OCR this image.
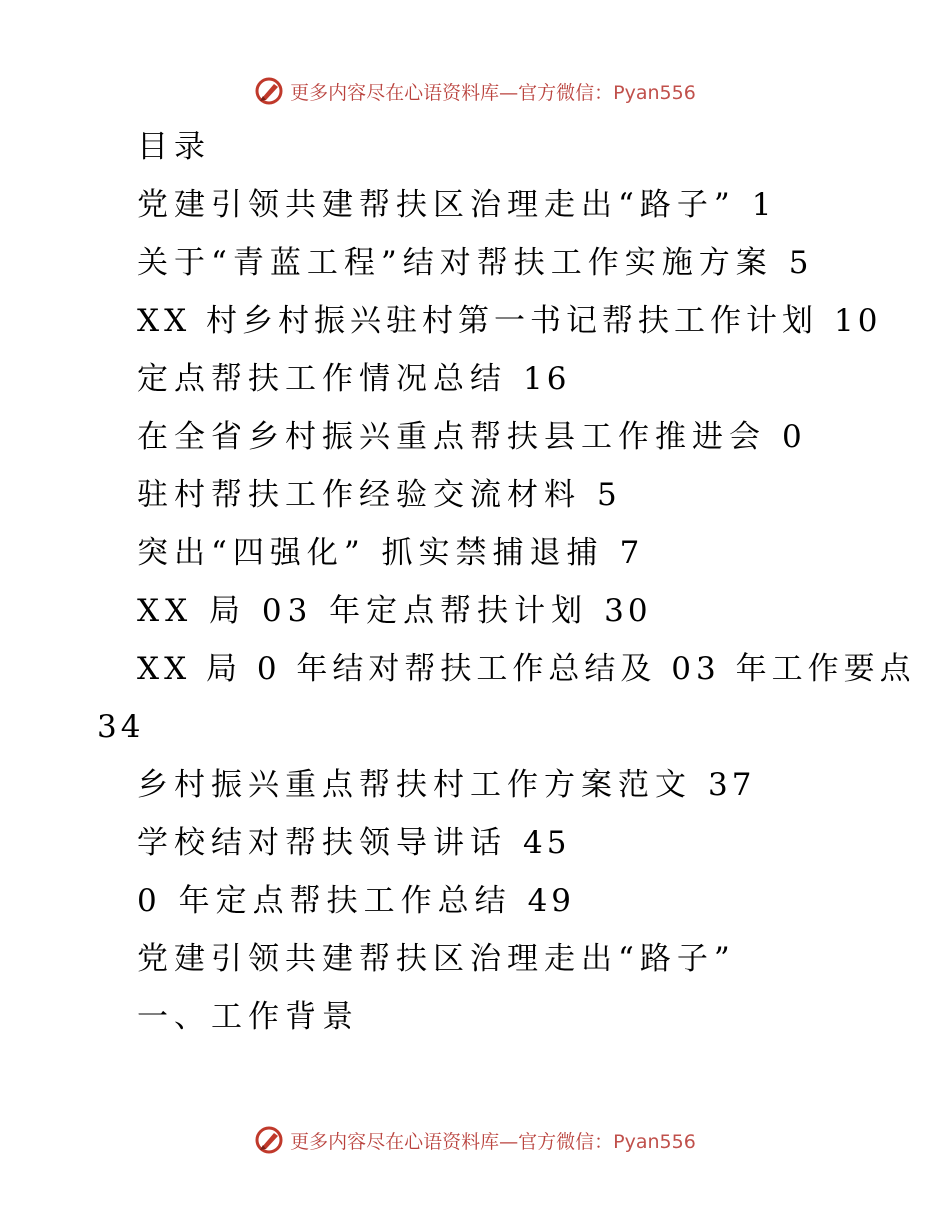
更多内容尽在心语资料库—官方微信：Pyan556
目录
党建引领共建帮扶区治理走出“路子” 1
关于“青蓝工程”结对帮扶工作实施方案 5
XX 村乡村振兴驻村第一书记帮扶工作计划 10
定点帮扶工作情况总结 16
在全省乡村振兴重点帮扶县工作推进会 0
驻村帮扶工作经验交流材料 5
突出“四强化” 抓实禁捕退捕 7
XX 局 03 年定点帮扶计划 30
XX 局 0 年结对帮扶工作总结及 03 年工作要点
34
乡村振兴重点帮扶村工作方案范文 37
学校结对帮扶领导讲话 45
0 年定点帮扶工作总结 49
党建引领共建帮扶区治理走出“路子”
一、工作背景
更多内容尽在心语资料库—官方微信：Pyan556
